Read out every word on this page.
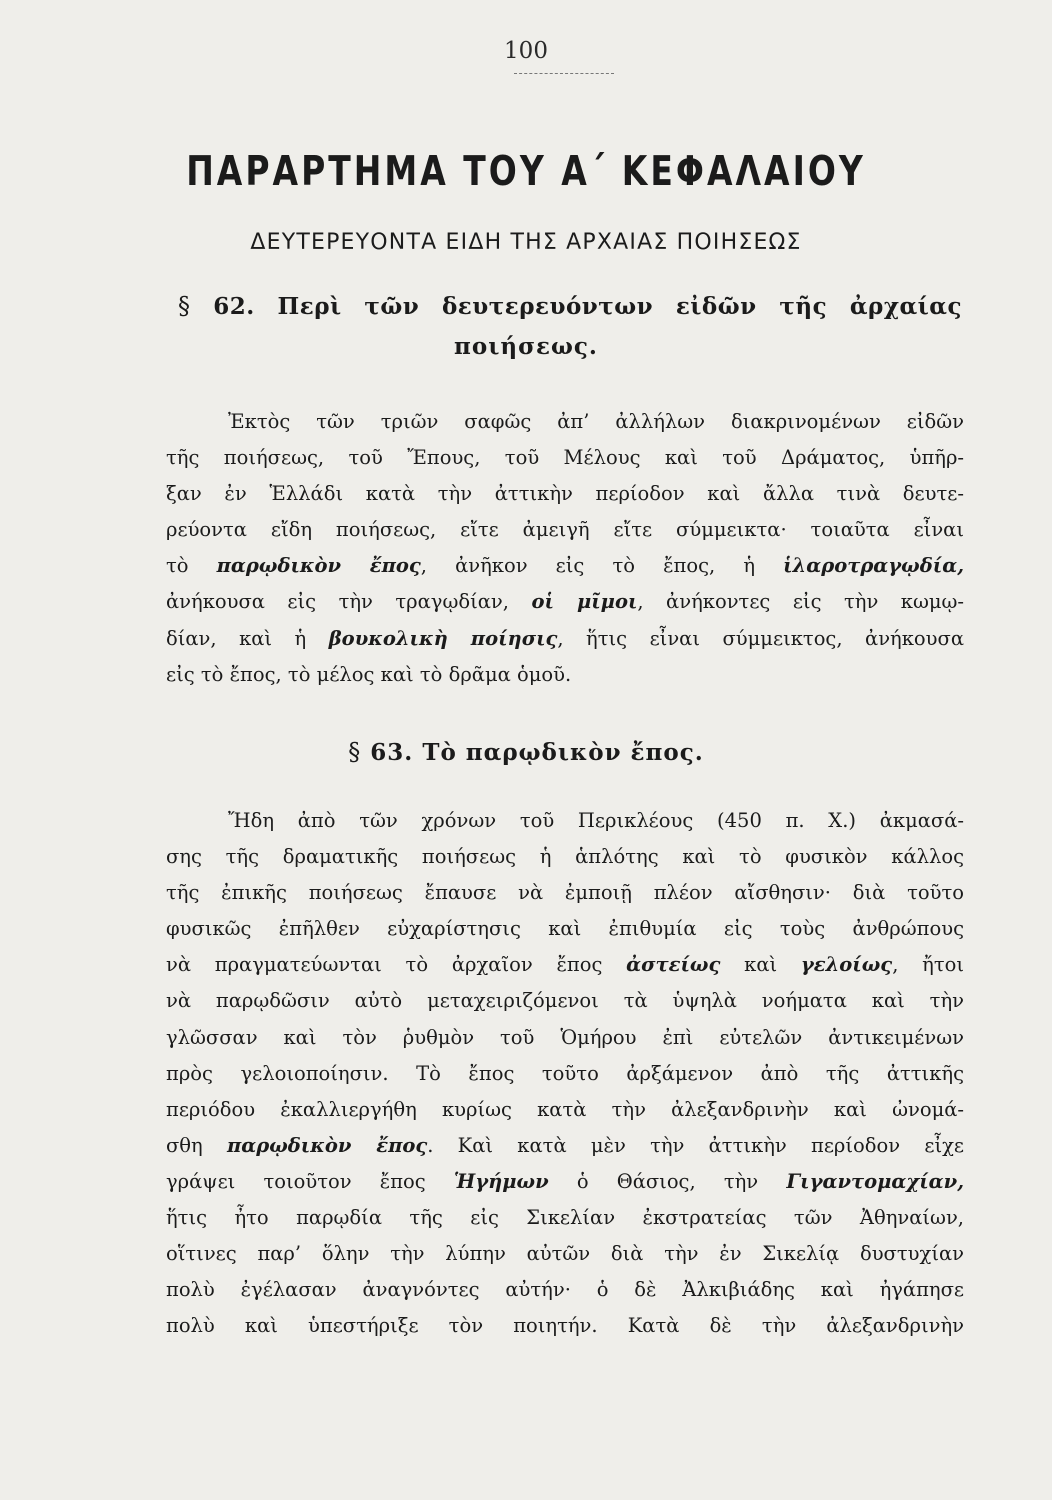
100
ΠΑΡΑΡΤΗΜΑ ΤΟΥ Α΄ ΚΕΦΑΛΑΙΟΥ
ΔΕΥΤΕΡΕΥΟΝΤΑ ΕΙΔΗ ΤΗΣ ΑΡΧΑΙΑΣ ΠΟΙΗΣΕΩΣ
§ 62. Περὶ τῶν δευτερευόντων εἰδῶν τῆς ἀρχαίας
ποιήσεως.

Ἐκτὸς τῶν τριῶν σαφῶς ἀπ’ ἀλλήλων διακρινομένων εἰδῶν
τῆς ποιήσεως, τοῦ Ἔπους, τοῦ Μέλους καὶ τοῦ Δράματος, ὑπῆρ-
ξαν ἐν Ἑλλάδι κατὰ τὴν ἀττικὴν περίοδον καὶ ἄλλα τινὰ δευτε-
ρεύοντα εἴδη ποιήσεως, εἴτε ἀμειγῆ εἴτε σύμμεικτα· τοιαῦτα εἶναι
τὸ παρῳδικὸν ἔπος, ἀνῆκον εἰς τὸ ἔπος, ἡ ἱλαροτραγῳδία,
ἀνήκουσα εἰς τὴν τραγῳδίαν, οἱ μῖμοι, ἀνήκοντες εἰς τὴν κωμῳ-
δίαν, καὶ ἡ βουκολικὴ ποίησις, ἥτις εἶναι σύμμεικτος, ἀνήκουσα
εἰς τὸ ἔπος, τὸ μέλος καὶ τὸ δρᾶμα ὁμοῦ.

§ 63. Τὸ παρῳδικὸν ἔπος.

Ἤδη ἀπὸ τῶν χρόνων τοῦ Περικλέους (450 π. Χ.) ἀκμασά-
σης τῆς δραματικῆς ποιήσεως ἡ ἁπλότης καὶ τὸ φυσικὸν κάλλος
τῆς ἐπικῆς ποιήσεως ἔπαυσε νὰ ἐμποιῇ πλέον αἴσθησιν· διὰ τοῦτο
φυσικῶς ἐπῆλθεν εὐχαρίστησις καὶ ἐπιθυμία εἰς τοὺς ἀνθρώπους
νὰ πραγματεύωνται τὸ ἀρχαῖον ἔπος ἀστείως καὶ γελοίως, ἤτοι
νὰ παρῳδῶσιν αὐτὸ μεταχειριζόμενοι τὰ ὑψηλὰ νοήματα καὶ τὴν
γλῶσσαν καὶ τὸν ῥυθμὸν τοῦ Ὁμήρου ἐπὶ εὐτελῶν ἀντικειμένων
πρὸς γελοιοποίησιν. Τὸ ἔπος τοῦτο ἀρξάμενον ἀπὸ τῆς ἀττικῆς
περιόδου ἐκαλλιεργήθη κυρίως κατὰ τὴν ἀλεξανδρινὴν καὶ ὠνομά-
σθη παρῳδικὸν ἔπος. Καὶ κατὰ μὲν τὴν ἀττικὴν περίοδον εἶχε
γράψει τοιοῦτον ἔπος Ἡγήμων ὁ Θάσιος, τὴν Γιγαντομαχίαν,
ἥτις ἦτο παρῳδία τῆς εἰς Σικελίαν ἐκστρατείας τῶν Ἀθηναίων,
οἵτινες παρ’ ὅλην τὴν λύπην αὐτῶν διὰ τὴν ἐν Σικελίᾳ δυστυχίαν
πολὺ ἐγέλασαν ἀναγνόντες αὐτήν· ὁ δὲ Ἀλκιβιάδης καὶ ἠγάπησε
πολὺ καὶ ὑπεστήριξε τὸν ποιητήν. Κατὰ δὲ τὴν ἀλεξανδρινὴν
